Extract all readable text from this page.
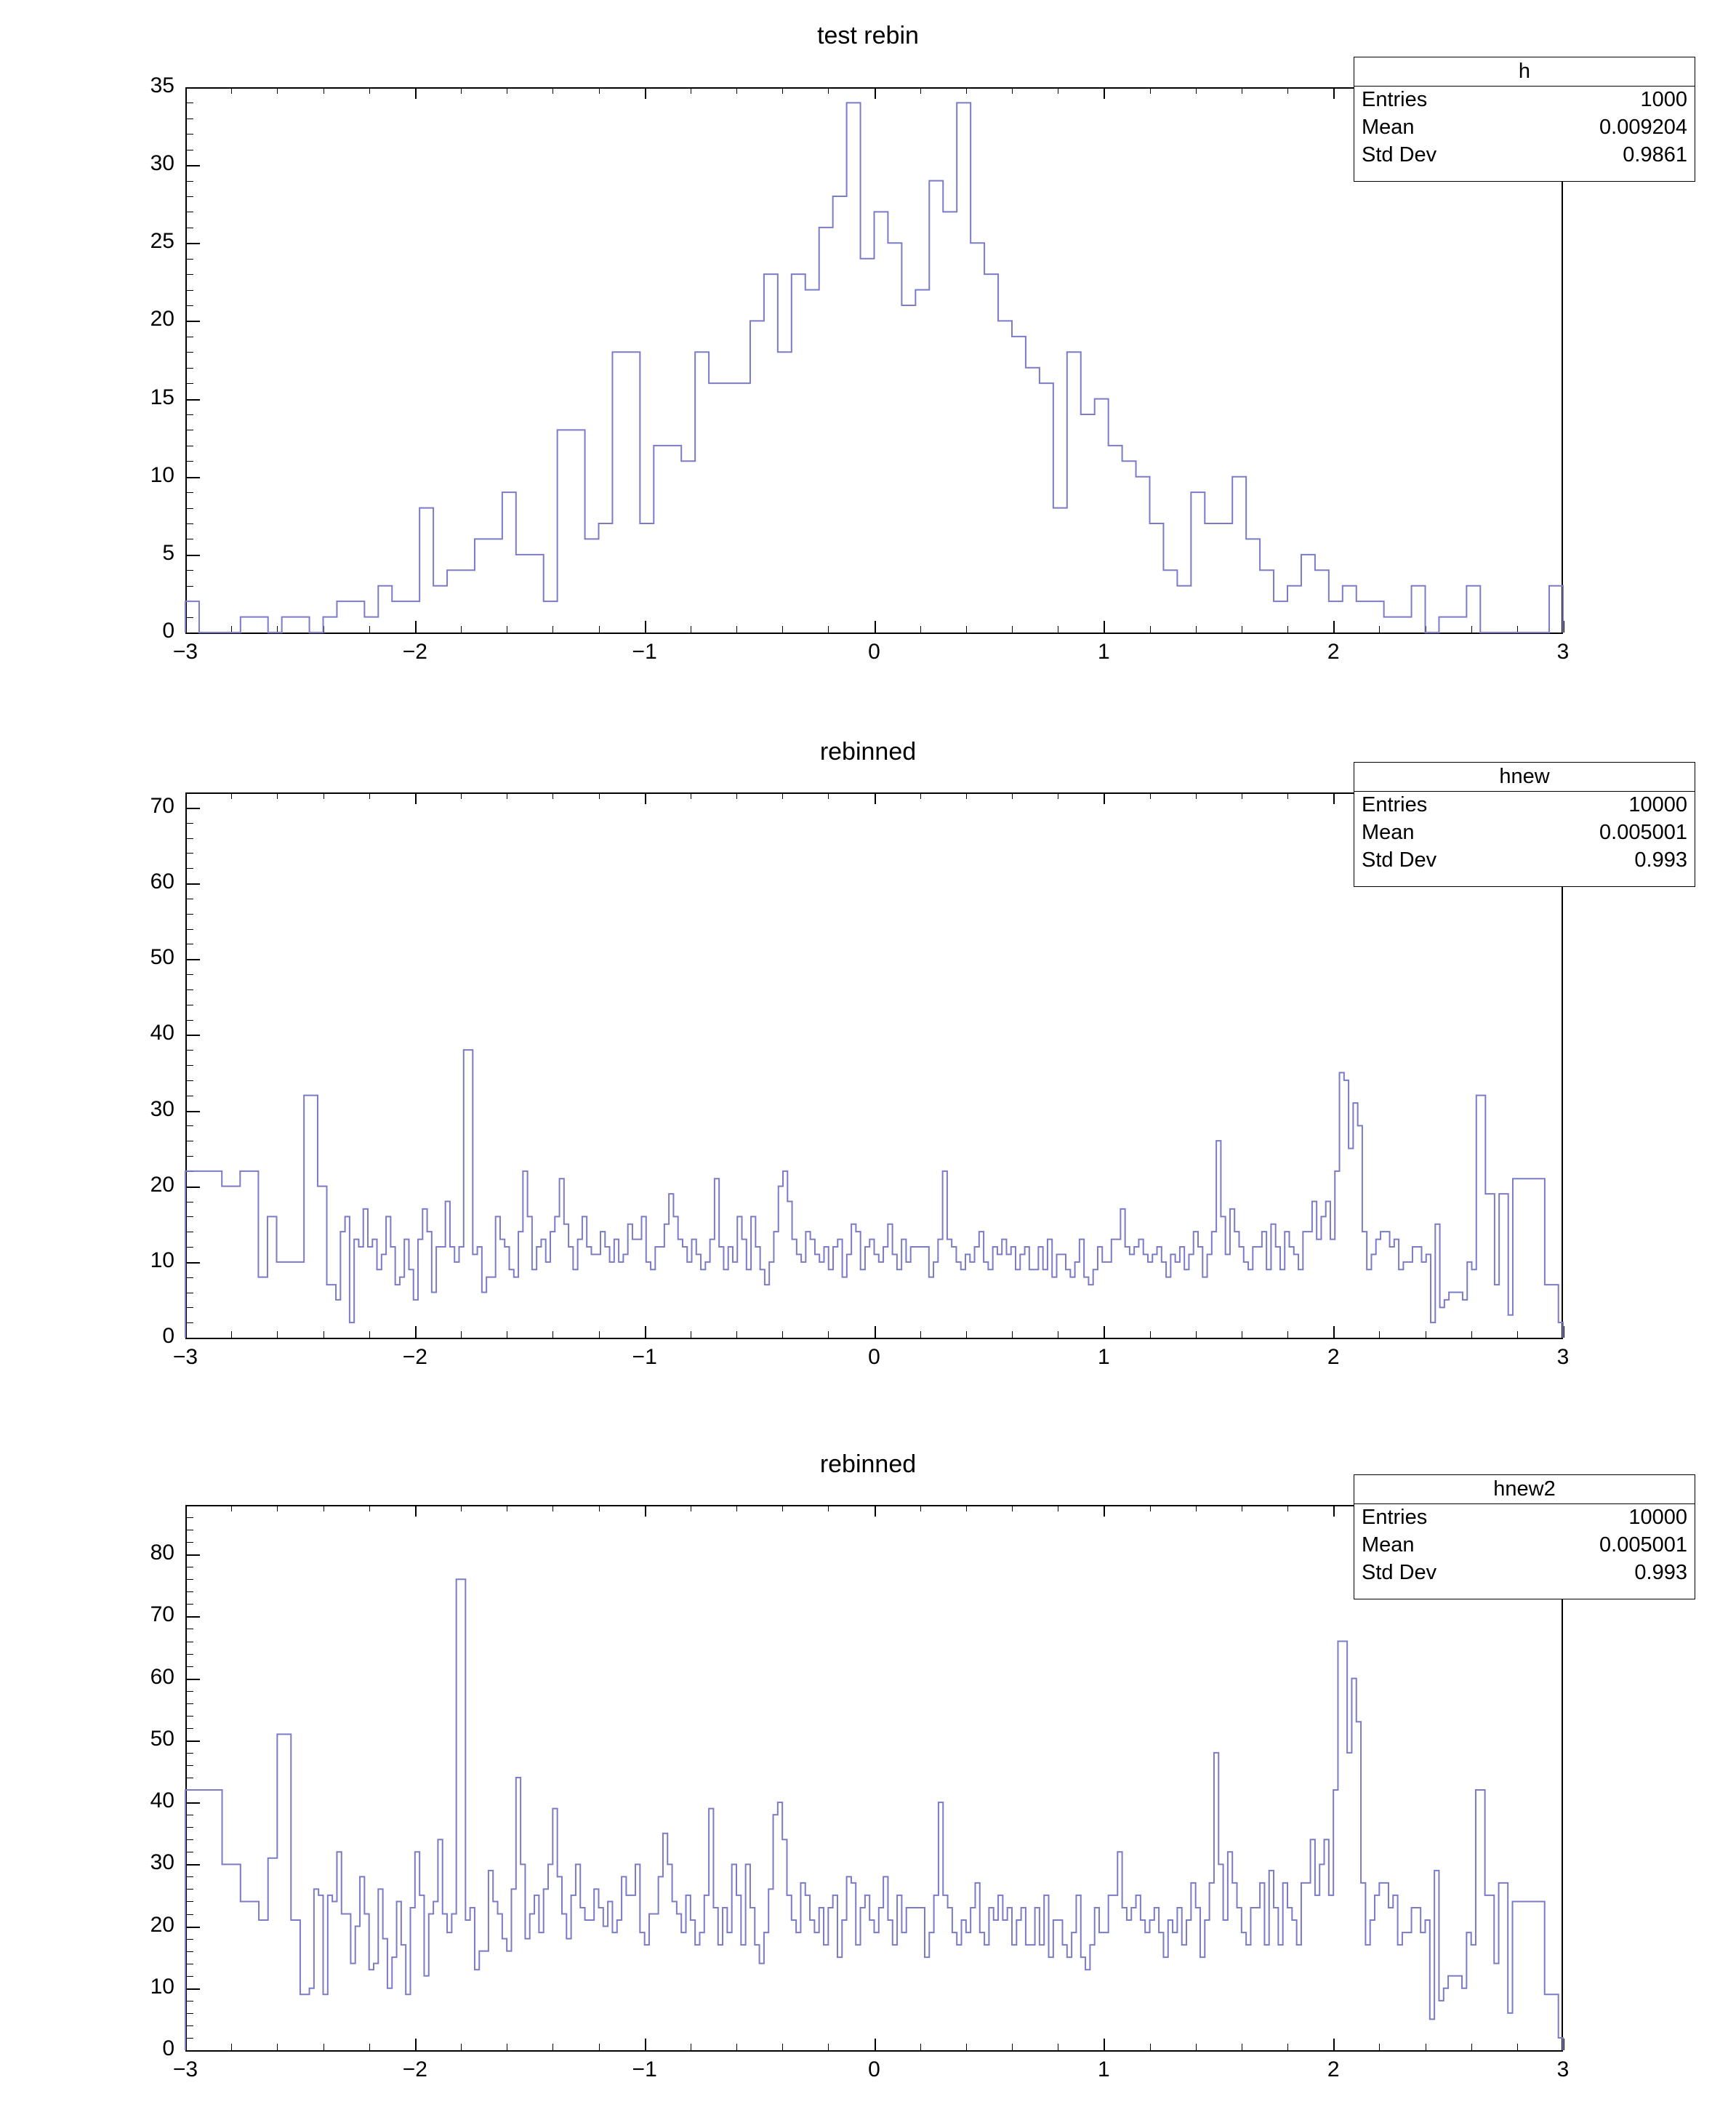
test rebin
−3	−2	−1	0	1	2	3
0
5
10
15
20
25
30
35
h
Entries	1000
Mean	0.009204
Std Dev	0.9861
rebinned
−3	−2	−1	0	1	2	3
0
10
20
30
40
50
60
70
hnew
Entries	10000
Mean	0.005001
Std Dev	0.993
rebinned
−3	−2	−1	0	1	2	3
0
10
20
30
40
50
60
70
80
hnew2
Entries	10000
Mean	0.005001
Std Dev	0.993
